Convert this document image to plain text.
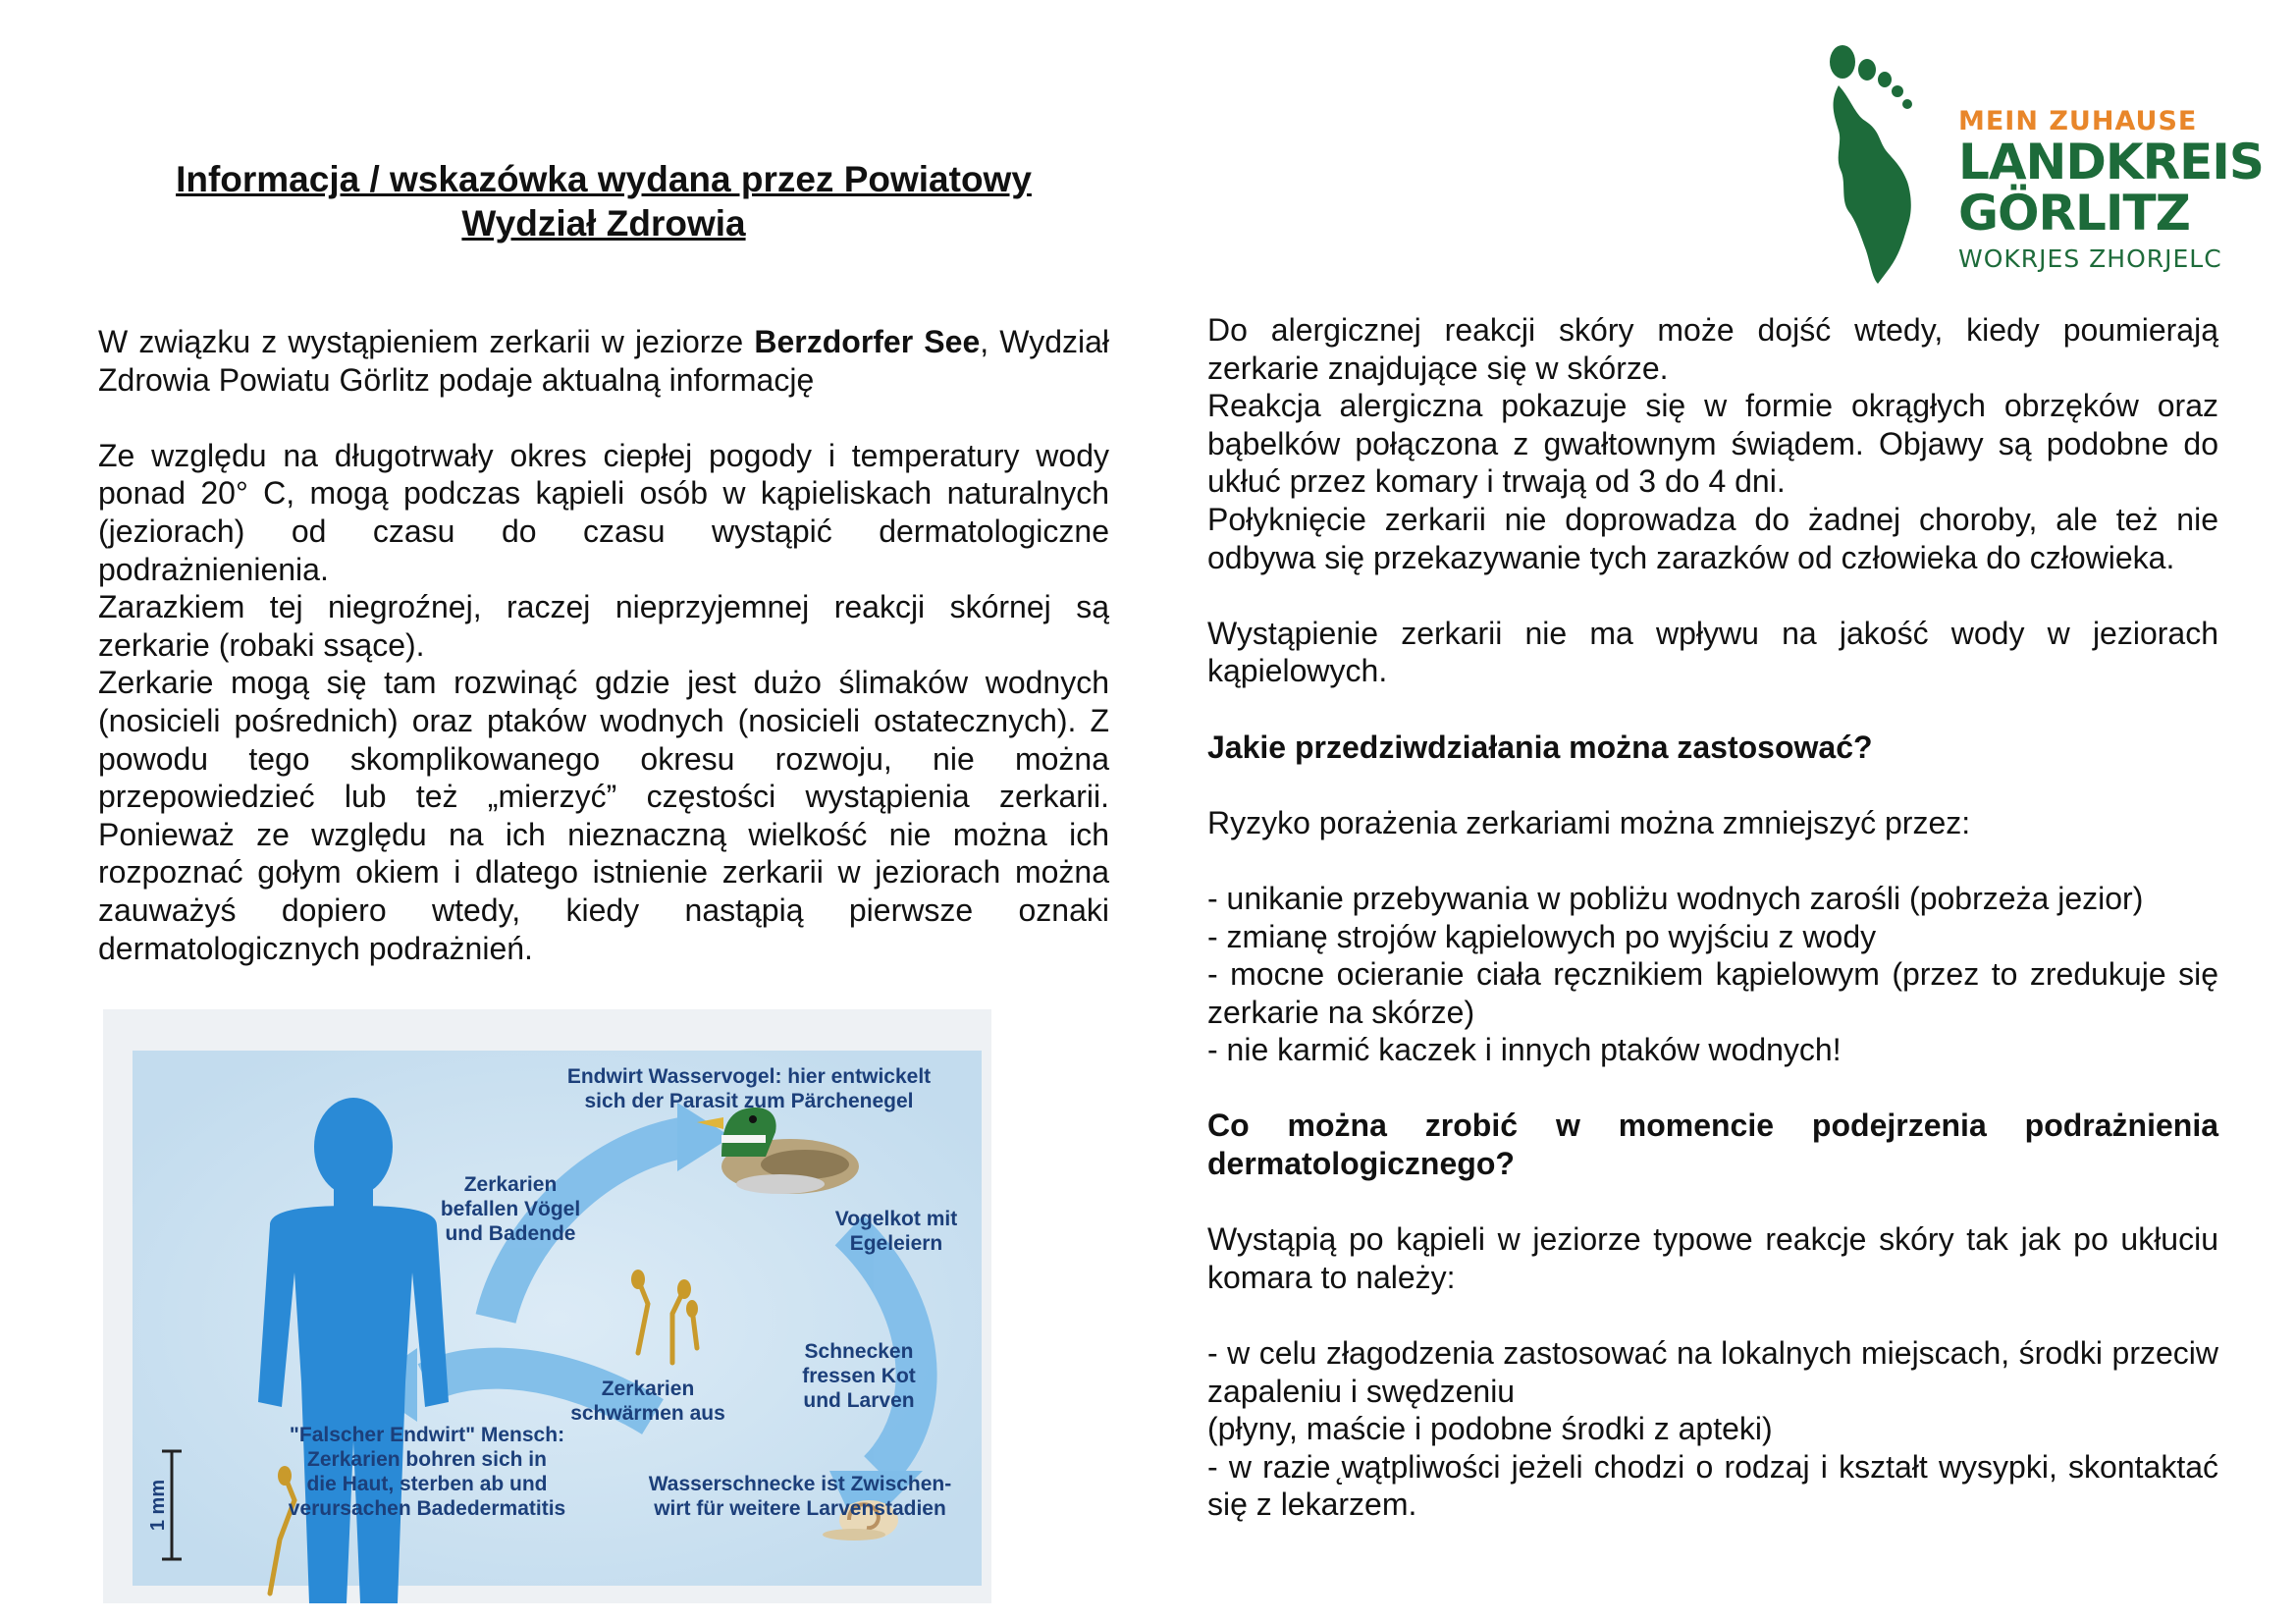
MEIN ZUHAUSE
LANDKREIS
GÖRLITZ
WOKRJES ZHORJELC
Informacja / wskazówka wydana przez Powiatowy
Wydział Zdrowia

W związku z wystąpieniem zerkarii w jeziorze Berzdorfer See, Wydział Zdrowia Powiatu Görlitz podaje aktualną informację

Ze względu na długotrwały okres ciepłej pogody i temperatury wody ponad 20° C, mogą podczas kąpieli osób w kąpieliskach naturalnych (jeziorach) od czasu do czasu wystąpić dermatologiczne podrażnienienia.

Zarazkiem tej niegroźnej, raczej nieprzyjemnej reakcji skórnej są zerkarie (robaki ssące).

Zerkarie mogą się tam rozwinąć gdzie jest dużo ślimaków wodnych (nosicieli pośrednich) oraz ptaków wodnych (nosicieli ostatecznych). Z powodu tego skomplikowanego okresu rozwoju, nie można przepowiedzieć lub też „mierzyć” częstości wystąpienia zerkarii. Ponieważ ze względu na ich nieznaczną wielkość nie można ich rozpoznać gołym okiem i dlatego istnienie zerkarii w jeziorach można zauważyś dopiero wtedy, kiedy nastąpią pierwsze oznaki dermatologicznych podrażnień.

1 mm
Endwirt Wasservogel: hier entwickelt
sich der Parasit zum Pärchenegel
Zerkarien
befallen Vögel
und Badende
Vogelkot mit
Egeleiern
Zerkarien
schwärmen aus
Schnecken
fressen Kot
und Larven
"Falscher Endwirt" Mensch:
Zerkarien bohren sich in
die Haut, sterben ab und
verursachen Badedermatitis
Wasserschnecke ist Zwischen-
wirt für weitere Larvenstadien

Do alergicznej reakcji skóry może dojść wtedy, kiedy poumierają zerkarie znajdujące się w skórze.

Reakcja alergiczna pokazuje się w formie okrągłych obrzęków oraz bąbelków połączona z gwałtownym świądem. Objawy są podobne do ukłuć przez komary i trwają od 3 do 4 dni.

Połyknięcie zerkarii nie doprowadza do żadnej choroby, ale też nie odbywa się przekazywanie tych zarazków od człowieka do człowieka.

Wystąpienie zerkarii nie ma wpływu na jakość wody w jeziorach kąpielowych.

Jakie przedziwdziałania można zastosować?

Ryzyko porażenia zerkariami można zmniejszyć przez:

- unikanie przebywania w pobliżu wodnych zarośli (pobrzeża jezior)

- zmianę strojów kąpielowych po wyjściu z wody

- mocne ocieranie ciała ręcznikiem kąpielowym (przez to zredukuje się zerkarie na skórze)

- nie karmić kaczek i innych ptaków wodnych!

Co można zrobić w momencie podejrzenia podrażnienia dermatologicznego?

Wystąpią po kąpieli w jeziorze typowe reakcje skóry tak jak po ukłuciu komara to należy:

- w celu złagodzenia zastosować na lokalnych miejscach, środki przeciw zapaleniu i swędzeniu

(płyny, maście i podobne środki z apteki)

- w razie ̨wątpliwości jeżeli chodzi o rodzaj i kształt wysypki, skontaktać się z lekarzem.
